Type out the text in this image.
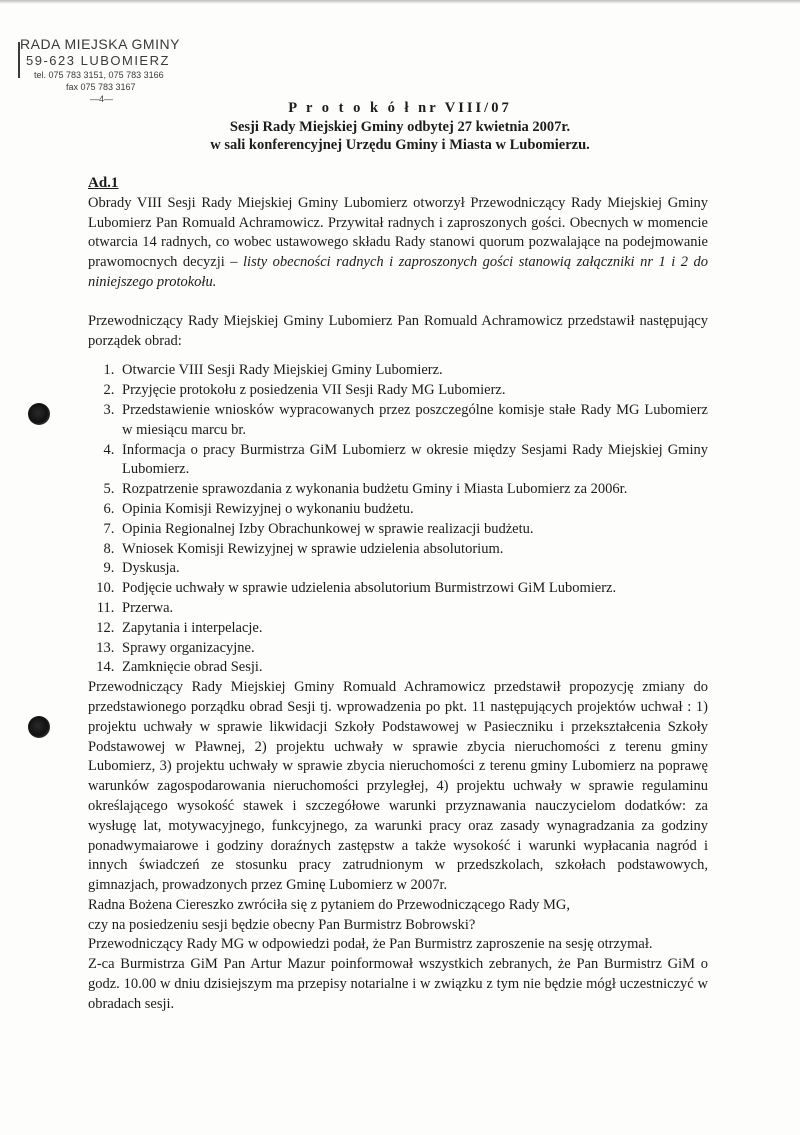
RADA MIEJSKA GMINY
59-623 LUBOMIERZ
tel. 075 783 3151, 075 783 3166
fax 075 783 3167
—4—
P r o t o k ó ł nr VIII/07
Sesji Rady Miejskiej Gminy odbytej 27 kwietnia 2007r.
w sali konferencyjnej Urzędu Gminy i Miasta w Lubomierzu.
Ad.1

Obrady VIII Sesji Rady Miejskiej Gminy Lubomierz otworzył Przewodniczący Rady Miejskiej Gminy Lubomierz Pan Romuald Achramowicz. Przywitał radnych i zaproszonych gości. Obecnych w momencie otwarcia 14 radnych, co wobec ustawowego składu Rady stanowi quorum pozwalające na podejmowanie prawomocnych decyzji – listy obecności radnych i zaproszonych gości stanowią załączniki nr 1 i 2 do niniejszego protokołu.

Przewodniczący Rady Miejskiej Gminy Lubomierz Pan Romuald Achramowicz przedstawił następujący porządek obrad:

1. Otwarcie VIII Sesji Rady Miejskiej Gminy Lubomierz.
2. Przyjęcie protokołu z posiedzenia VII Sesji Rady MG Lubomierz.
3. Przedstawienie wniosków wypracowanych przez poszczególne komisje stałe Rady MG Lubomierz w miesiącu marcu br.
4. Informacja o pracy Burmistrza GiM Lubomierz w okresie między Sesjami Rady Miejskiej Gminy Lubomierz.
5. Rozpatrzenie sprawozdania z wykonania budżetu Gminy i Miasta Lubomierz za 2006r.
6. Opinia Komisji Rewizyjnej o wykonaniu budżetu.
7. Opinia Regionalnej Izby Obrachunkowej w sprawie realizacji budżetu.
8. Wniosek Komisji Rewizyjnej w sprawie udzielenia absolutorium.
9. Dyskusja.
10. Podjęcie uchwały w sprawie udzielenia absolutorium Burmistrzowi GiM Lubomierz.
11. Przerwa.
12. Zapytania i interpelacje.
13. Sprawy organizacyjne.
14. Zamknięcie obrad Sesji.

Przewodniczący Rady Miejskiej Gminy Romuald Achramowicz przedstawił propozycję zmiany do przedstawionego porządku obrad Sesji tj. wprowadzenia po pkt. 11 następujących projektów uchwał : 1) projektu uchwały w sprawie likwidacji Szkoły Podstawowej w Pasieczniku i przekształcenia Szkoły Podstawowej w Pławnej, 2) projektu uchwały w sprawie zbycia nieruchomości z terenu gminy Lubomierz, 3) projektu uchwały w sprawie zbycia nieruchomości z terenu gminy Lubomierz na poprawę warunków zagospodarowania nieruchomości przyległej, 4) projektu uchwały w sprawie regulaminu określającego wysokość stawek i szczegółowe warunki przyznawania nauczycielom dodatków: za wysługę lat, motywacyjnego, funkcyjnego, za warunki pracy oraz zasady wynagradzania za godziny ponadwymaiarowe i godziny doraźnych zastępstw a także wysokość i warunki wypłacania nagród i innych świadczeń ze stosunku pracy zatrudnionym w przedszkolach, szkołach podstawowych, gimnazjach, prowadzonych przez Gminę Lubomierz w 2007r.

Radna Bożena Ciereszko zwróciła się z pytaniem do Przewodniczącego Rady MG,
czy na posiedzeniu sesji będzie obecny Pan Burmistrz Bobrowski?

Przewodniczący Rady MG w odpowiedzi podał, że Pan Burmistrz zaproszenie na sesję otrzymał.

Z-ca Burmistrza GiM Pan Artur Mazur poinformował wszystkich zebranych, że Pan Burmistrz GiM o godz. 10.00 w dniu dzisiejszym ma przepisy notarialne i w związku z tym nie będzie mógł uczestniczyć w obradach sesji.
